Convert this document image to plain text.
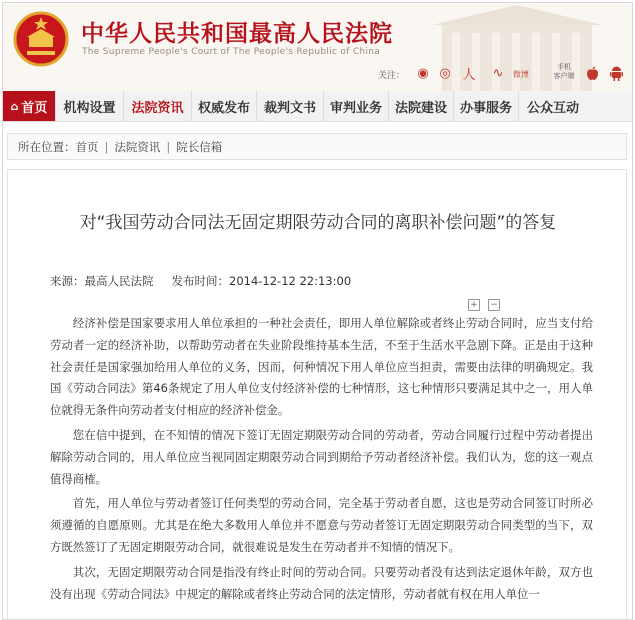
中华人民共和国最高人民法院
The Supreme People's Court of The People's Republic of China
关注： ◉ ◎ 人 ∿	微博
手机
客户端
⌂ 首页	机构设置	法院资讯	权威发布	裁判文书	审判业务 法院建设 办事服务	公众互动
所在位置： 首页 | 法院资讯 | 院长信箱
对“我国劳动合同法无固定期限劳动合同的离职补偿问题”的答复
来源：最高人民法院 发布时间：2014-12-12 22:13:00
+ −

经济补偿是国家要求用人单位承担的一种社会责任，即用人单位解除或者终止劳动合同时，应当支付给劳动者一定的经济补助，以帮助劳动者在失业阶段维持基本生活，不至于生活水平急剧下降。正是由于这种社会责任是国家强加给用人单位的义务，因而，何种情况下用人单位应当担责，需要由法律的明确规定。我国《劳动合同法》第46条规定了用人单位支付经济补偿的七种情形，这七种情形只要满足其中之一，用人单位就得无条件向劳动者支付相应的经济补偿金。

您在信中提到，在不知情的情况下签订无固定期限劳动合同的劳动者，劳动合同履行过程中劳动者提出解除劳动合同的，用人单位应当视同固定期限劳动合同到期给予劳动者经济补偿。我们认为，您的这一观点值得商榷。

首先，用人单位与劳动者签订任何类型的劳动合同，完全基于劳动者自愿，这也是劳动合同签订时所必须遵循的自愿原则。尤其是在绝大多数用人单位并不愿意与劳动者签订无固定期限劳动合同类型的当下，双方既然签订了无固定期限劳动合同，就很难说是发生在劳动者并不知情的情况下。

其次，无固定期限劳动合同是指没有终止时间的劳动合同。只要劳动者没有达到法定退休年龄，双方也没有出现《劳动合同法》中规定的解除或者终止劳动合同的法定情形，劳动者就有权在用人单位一
